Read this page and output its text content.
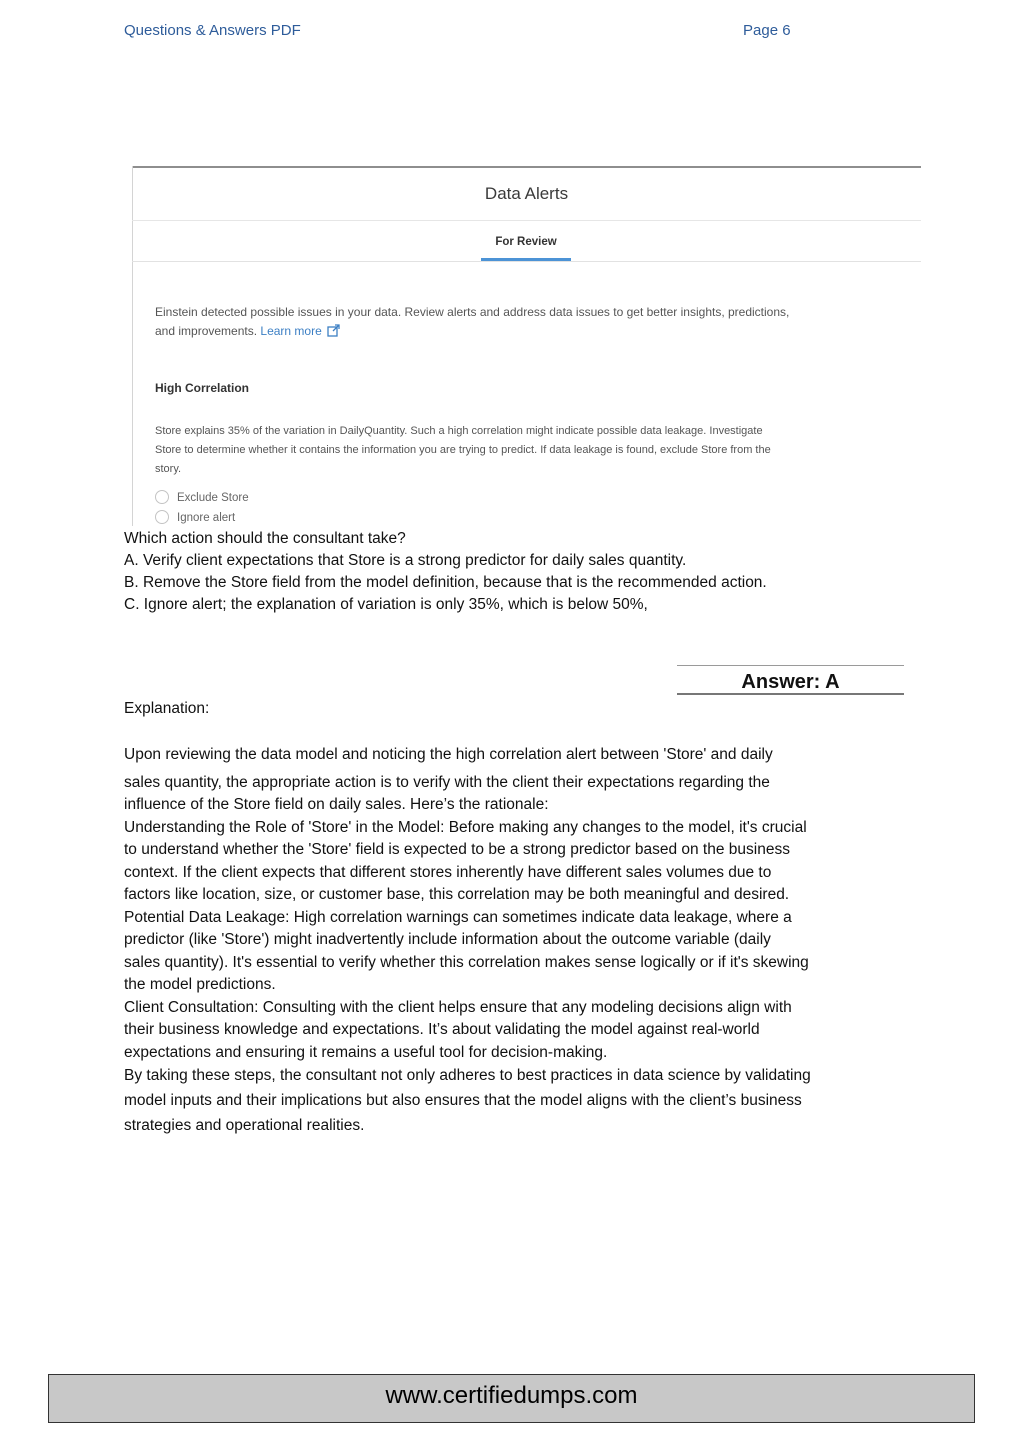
Questions & Answers PDF	Page 6
Data Alerts
For Review
Einstein detected possible issues in your data. Review alerts and address data issues to get better insights, predictions,
and improvements. Learn more
High Correlation
Store explains 35% of the variation in DailyQuantity. Such a high correlation might indicate possible data leakage. Investigate
Store to determine whether it contains the information you are trying to predict. If data leakage is found, exclude Store from the
story.
Exclude Store
Ignore alert
Which action should the consultant take?
A. Verify client expectations that Store is a strong predictor for daily sales quantity.
B. Remove the Store field from the model definition, because that is the recommended action.
C. Ignore alert; the explanation of variation is only 35%, which is below 50%,
Answer: A
Explanation:
Upon reviewing the data model and noticing the high correlation alert between 'Store' and daily
sales quantity, the appropriate action is to verify with the client their expectations regarding the
influence of the Store field on daily sales. Here’s the rationale:
Understanding the Role of 'Store' in the Model: Before making any changes to the model, it's crucial
to understand whether the 'Store' field is expected to be a strong predictor based on the business
context. If the client expects that different stores inherently have different sales volumes due to
factors like location, size, or customer base, this correlation may be both meaningful and desired.
Potential Data Leakage: High correlation warnings can sometimes indicate data leakage, where a
predictor (like 'Store') might inadvertently include information about the outcome variable (daily
sales quantity). It's essential to verify whether this correlation makes sense logically or if it's skewing
the model predictions.
Client Consultation: Consulting with the client helps ensure that any modeling decisions align with
their business knowledge and expectations. It’s about validating the model against real-world
expectations and ensuring it remains a useful tool for decision-making.
By taking these steps, the consultant not only adheres to best practices in data science by validating
model inputs and their implications but also ensures that the model aligns with the client’s business
strategies and operational realities.
www.certifiedumps.com
